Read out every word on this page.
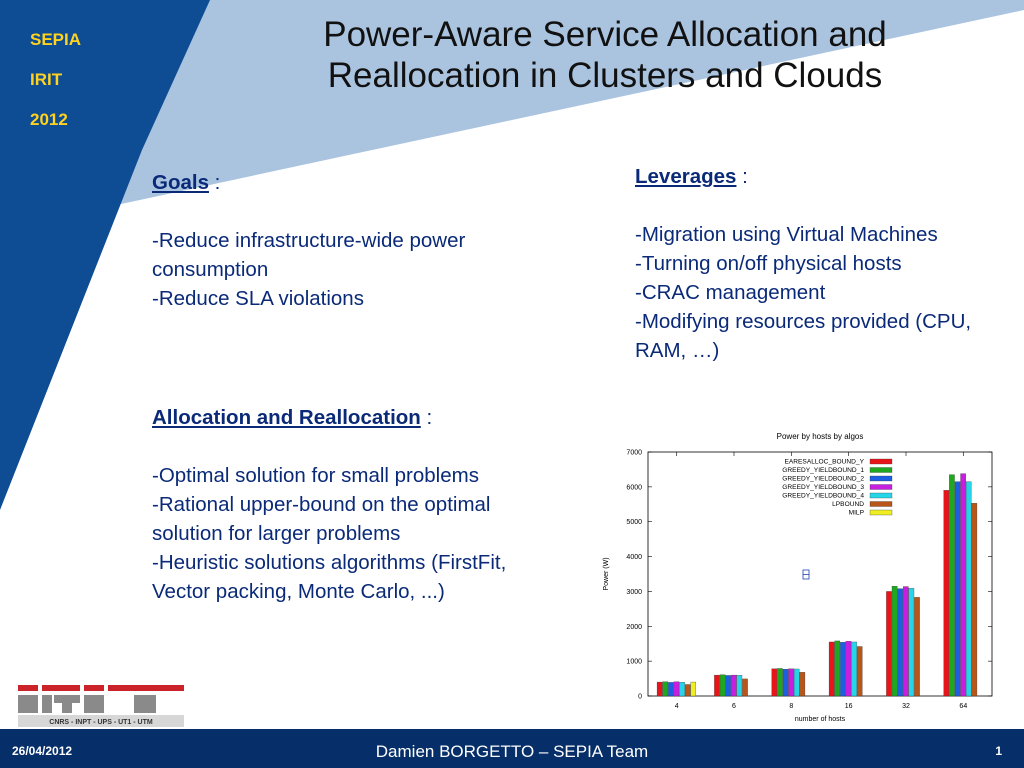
SEPIA
IRIT
2012
Power-Aware Service Allocation and
Reallocation in Clusters and Clouds

Goals :

-Reduce infrastructure-wide power consumption

-Reduce SLA violations

Leverages :

-Migration using Virtual Machines

-Turning on/off physical hosts

-CRAC management

-Modifying resources provided (CPU, RAM, …)

Allocation and Reallocation :

-Optimal solution for small problems

-Rational upper-bound on the optimal solution for larger problems

-Heuristic solutions algorithms (FirstFit, Vector packing, Monte Carlo, ...)

Power by hosts by algos
0
1000
2000
3000
4000
5000
6000
7000
Power (W)
4	6	8	16	32	64
number of hosts
EARESALLOC_BOUND_Y
GREEDY_YIELDBOUND_1
GREEDY_YIELDBOUND_2
GREEDY_YIELDBOUND_3
GREEDY_YIELDBOUND_4
LPBOUND
MILP
CNRS - INPT - UPS - UT1 - UTM
26/04/2012	Damien BORGETTO – SEPIA Team	1
